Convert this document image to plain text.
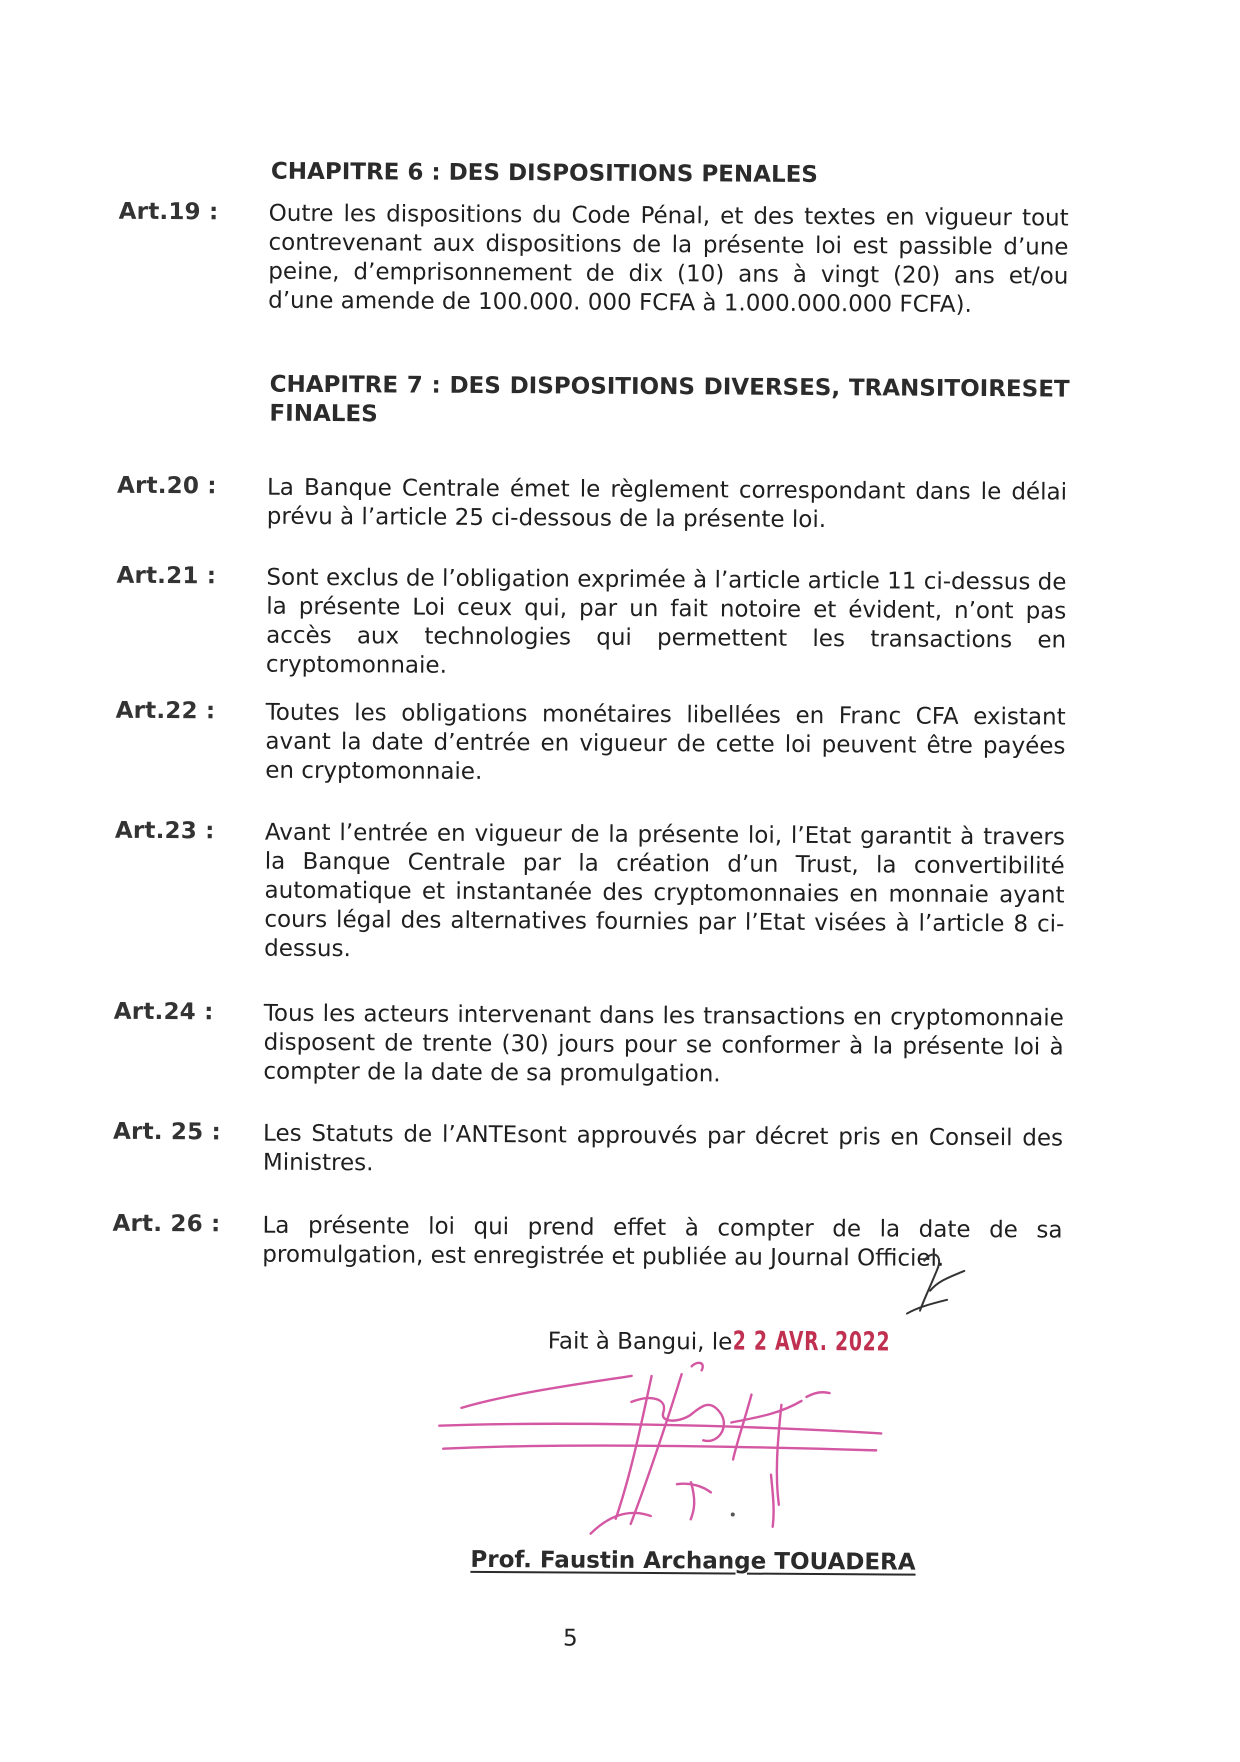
CHAPITRE 6 : DES DISPOSITIONS PENALES
Art.19 :	Outre les dispositions du Code Pénal, et des textes en vigueur tout contrevenant aux dispositions de la présente loi est passible d’une peine, d’emprisonnement de dix (10) ans à vingt (20) ans et/ou d’une amende de 100.000. 000 FCFA à 1.000.000.000 FCFA).
CHAPITRE 7 : DES DISPOSITIONS DIVERSES, TRANSITOIRESET FINALES
Art.20 :	La Banque Centrale émet le règlement correspondant dans le délai prévu à l’article 25 ci-dessous de la présente loi.
Art.21 :	Sont exclus de l’obligation exprimée à l’article article 11 ci-dessus de la présente Loi ceux qui, par un fait notoire et évident, n’ont pas accès aux technologies qui permettent les transactions en cryptomonnaie.
Art.22 :	Toutes les obligations monétaires libellées en Franc CFA existant avant la date d’entrée en vigueur de cette loi peuvent être payées en cryptomonnaie.
Art.23 :	Avant l’entrée en vigueur de la présente loi, l’Etat garantit à travers la Banque Centrale par la création d’un Trust, la convertibilité automatique et instantanée des cryptomonnaies en monnaie ayant cours légal des alternatives fournies par l’Etat visées à l’article 8 ci-dessus.
Art.24 :	Tous les acteurs intervenant dans les transactions en cryptomonnaie disposent de trente (30) jours pour se conformer à la présente loi à compter de la date de sa promulgation.
Art. 25 : Les Statuts de l’ANTEsont approuvés par décret pris en Conseil des Ministres.
Art. 26 : La présente loi qui prend effet à compter de la date de sa promulgation, est enregistrée et publiée au Journal Officiel.
Fait à Bangui, le2 2 AVR. 2022
Prof. Faustin Archange TOUADERA
5
